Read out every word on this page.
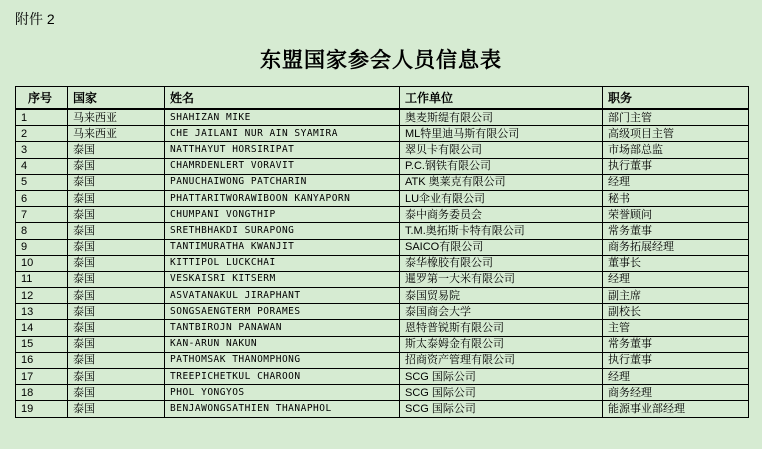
附件 2
东盟国家参会人员信息表
序号	国家	姓名	工作单位	职务
1	马来西亚	SHAHIZAN MIKE	奥麦斯缇有限公司	部门主管
2	马来西亚	CHE JAILANI NUR AIN SYAMIRA	ML特里迪马斯有限公司	高级项目主管
3	泰国	NATTHAYUT HORSIRIPAT	翠贝卡有限公司	市场部总监
4	泰国	CHAMRDENLERT VORAVIT	P.C.钢铁有限公司	执行董事
5	泰国	PANUCHAIWONG PATCHARIN	ATK 奥莱克有限公司	经理
6	泰国	PHATTARITWORAWIBOON KANYAPORN	LU伞业有限公司	秘书
7	泰国	CHUMPANI VONGTHIP	泰中商务委员会	荣誉顾问
8	泰国	SRETHBHAKDI SURAPONG	T.M.奥拓斯卡特有限公司	常务董事
9	泰国	TANTIMURATHA KWANJIT	SAICO有限公司	商务拓展经理
10	泰国	KITTIPOL LUCKCHAI	泰华橡胶有限公司	董事长
11	泰国	VESKAISRI KITSERM	暹罗第一大米有限公司	经理
12	泰国	ASVATANAKUL JIRAPHANT	泰国贸易院	副主席
13	泰国	SONGSAENGTERM PORAMES	泰国商会大学	副校长
14	泰国	TANTBIROJN PANAWAN	恩特普锐斯有限公司	主管
15	泰国	KAN-ARUN NAKUN	斯太泰姆金有限公司	常务董事
16	泰国	PATHOMSAK THANOMPHONG	招商资产管理有限公司	执行董事
17	泰国	TREEPICHETKUL CHAROON	SCG 国际公司	经理
18	泰国	PHOL YONGYOS	SCG 国际公司	商务经理
19	泰国	BENJAWONGSATHIEN THANAPHOL	SCG 国际公司	能源事业部经理
